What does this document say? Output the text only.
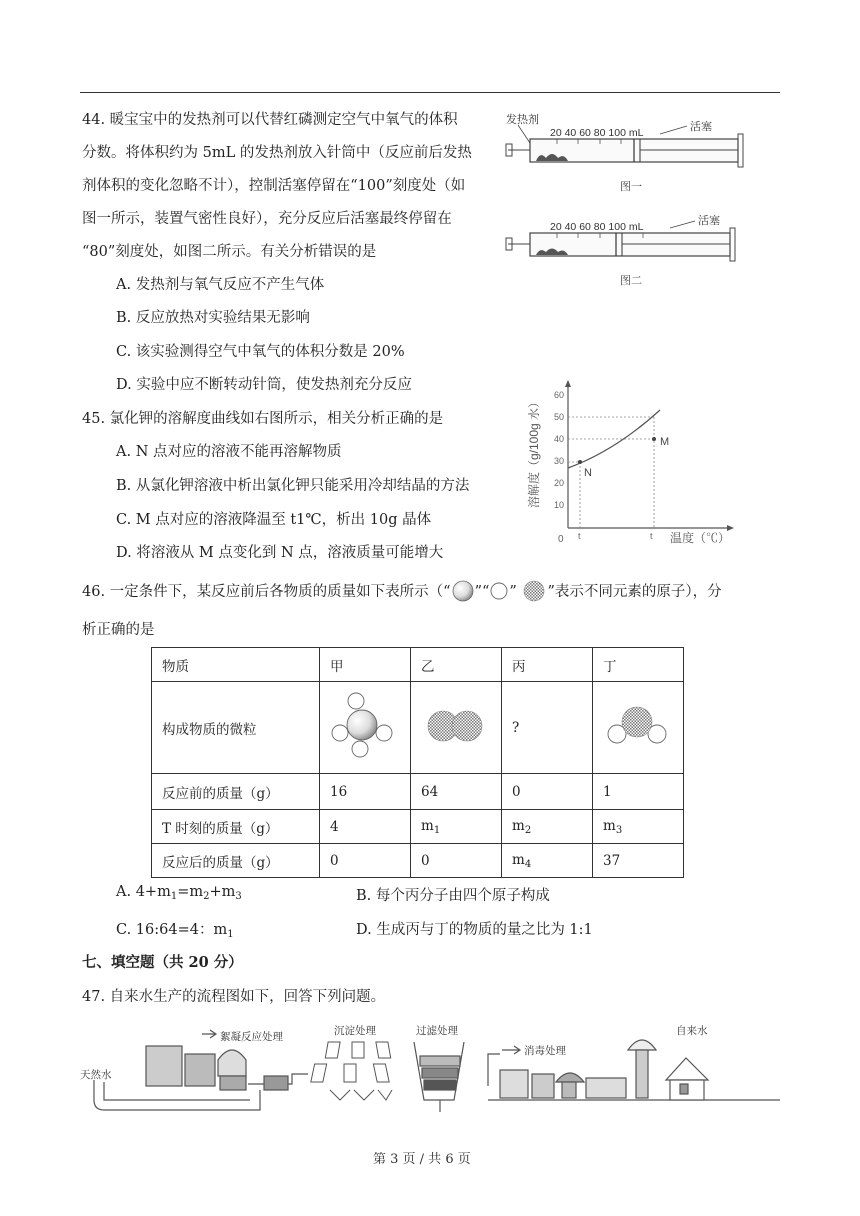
44. 暖宝宝中的发热剂可以代替红磷测定空气中氧气的体积
分数。将体积约为 5mL 的发热剂放入针筒中（反应前后发热
剂体积的变化忽略不计），控制活塞停留在“100”刻度处（如
图一所示，装置气密性良好），充分反应后活塞最终停留在
“80”刻度处，如图二所示。有关分析错误的是
A. 发热剂与氧气反应不产生气体
B. 反应放热对实验结果无影响
C. 该实验测得空气中氧气的体积分数是 20%
D. 实验中应不断转动针筒，使发热剂充分反应
发热剂
20 40 60 80 100 mL	活塞
图一
20 40 60 80 100 mL	活塞
图二
45. 氯化钾的溶解度曲线如右图所示，相关分析正确的是
A. N 点对应的溶液不能再溶解物质
B. 从氯化钾溶液中析出氯化钾只能采用冷却结晶的方法
C. M 点对应的溶液降温至 t1℃，析出 10g 晶体
D. 将溶液从 M 点变化到 N 点，溶液质量可能增大
溶解度（g/100g 水） 10
20
30
40
50
60
0 t	t 温度（℃）
N
M
46. 一定条件下，某反应前后各物质的质量如下表所示（“ ”“ ” ”表示不同元素的原子），分
析正确的是
物质	甲	乙	丙	丁
构成物质的微粒			?	
反应前的质量（g）	16	64	0	1
T 时刻的质量（g）	4	$m_1$	$m_2$	$m_3$
反应后的质量（g）	0	0	$m_4$	37
A. $4+m_1=m_2+m_3$	B. 每个丙分子由四个原子构成
C. 16:64=4：$m_1$	D. 生成丙与丁的物质的量之比为 1:1
七、填空题（共 20 分）
47. 自来水生产的流程图如下，回答下列问题。
天然水
絮凝反应处理	沉淀处理	过滤处理
消毒处理
自来水
第 3 页 / 共 6 页
